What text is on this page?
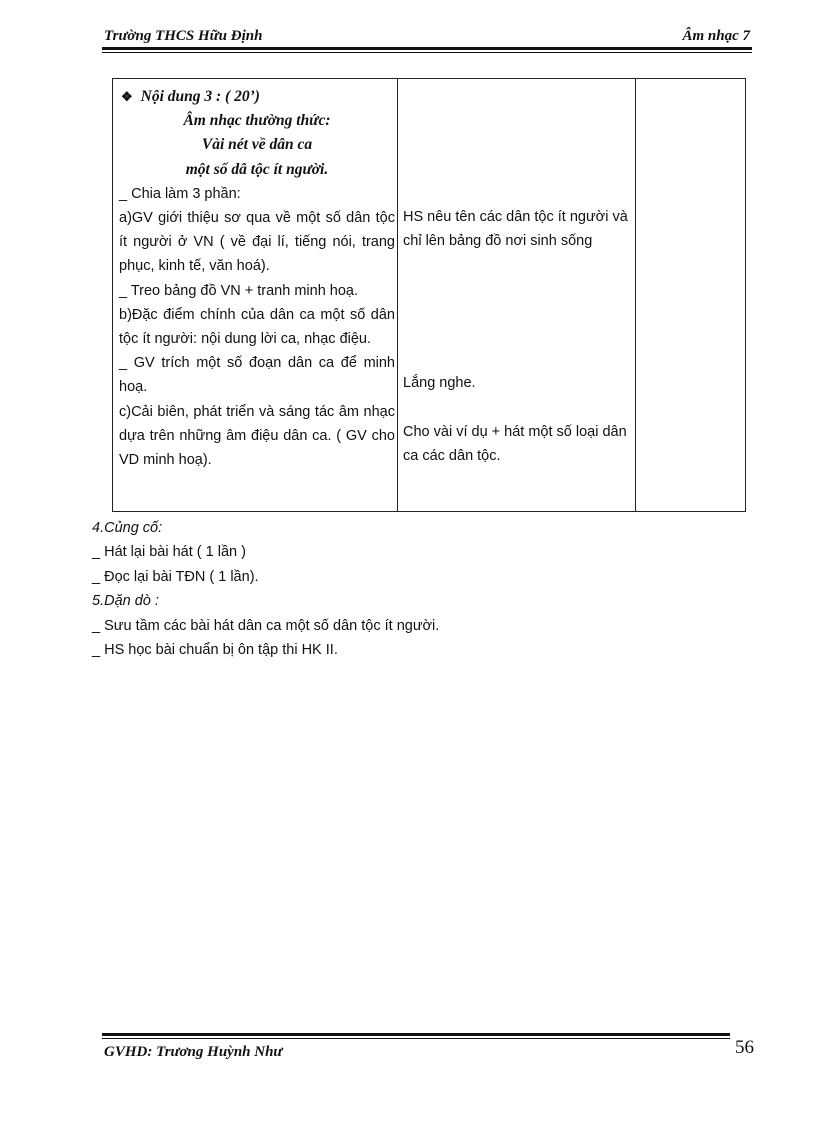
Trường THCS Hữu Định	Âm nhạc 7
❖ Nội dung 3 : ( 20’)
Âm nhạc thường thức:
Vài nét về dân ca
một số dâ tộc ít người.
_ Chia làm 3 phần:
a)GV giới thiệu sơ qua về một số dân tộc ít người ở VN ( về đại lí, tiếng nói, trang phục, kinh tế, văn hoá).
_ Treo bảng đồ VN + tranh minh hoạ.
b)Đặc điểm chính của dân ca một số dân tộc ít người: nội dung lời ca, nhạc điệu.
_ GV trích một số đoạn dân ca để minh hoạ.
c)Cải biên, phát triển và sáng tác âm nhạc dựa trên những âm điệu dân ca. ( GV cho VD minh hoạ).
HS nêu tên các dân tộc ít người và chỉ lên bảng đồ nơi sinh sống
Lắng nghe.
Cho vài ví dụ + hát một số loại dân ca các dân tộc.
4.Củng cố:
_ Hát lại bài hát ( 1 lần )
_ Đọc lại bài TĐN ( 1 lần).
5.Dặn dò :
_ Sưu tầm các bài hát dân ca một số dân tộc ít người.
_ HS học bài chuẩn bị ôn tập thi HK II.
GVHD: Trương Huỳnh Như	56
